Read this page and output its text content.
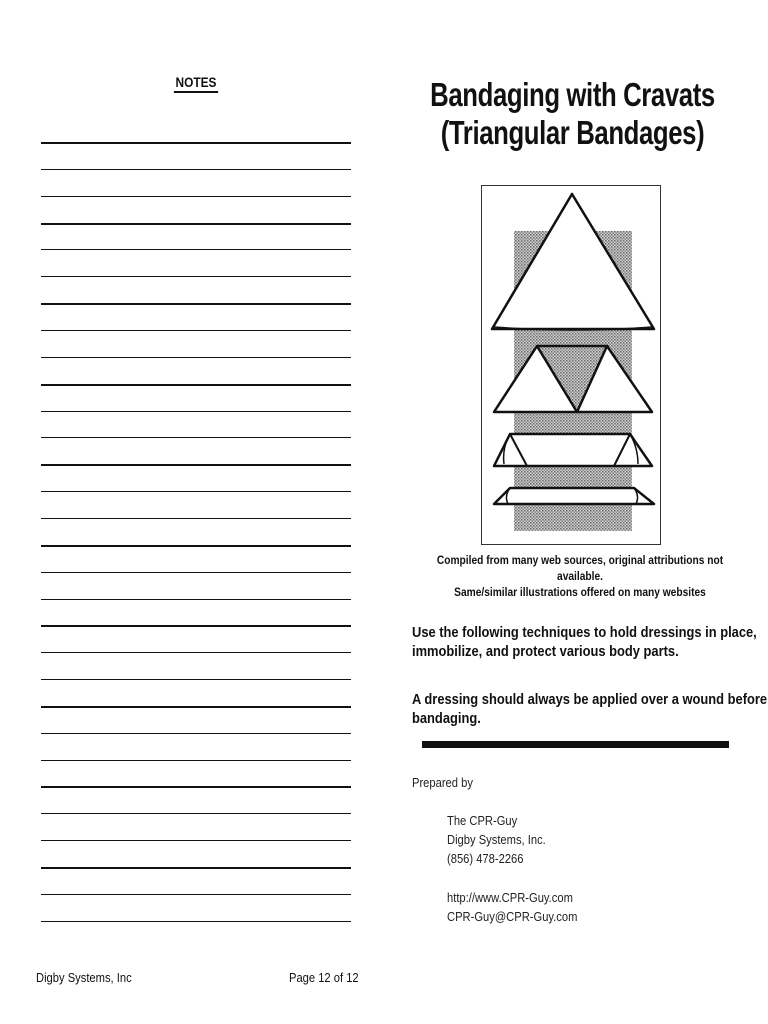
NOTES	Bandaging with Cravats
(Triangular Bandages)
Compiled from many web sources, original attributions not available.
Same/similar illustrations offered on many websites
Use the following techniques to hold dressings in place,
immobilize, and protect various body parts.
A dressing should always be applied over a wound before
bandaging.
Prepared by
The CPR-Guy
Digby Systems, Inc.
(856) 478-2266
http://www.CPR-Guy.com
CPR-Guy@CPR-Guy.com
Digby Systems, Inc	Page 12 of 12
